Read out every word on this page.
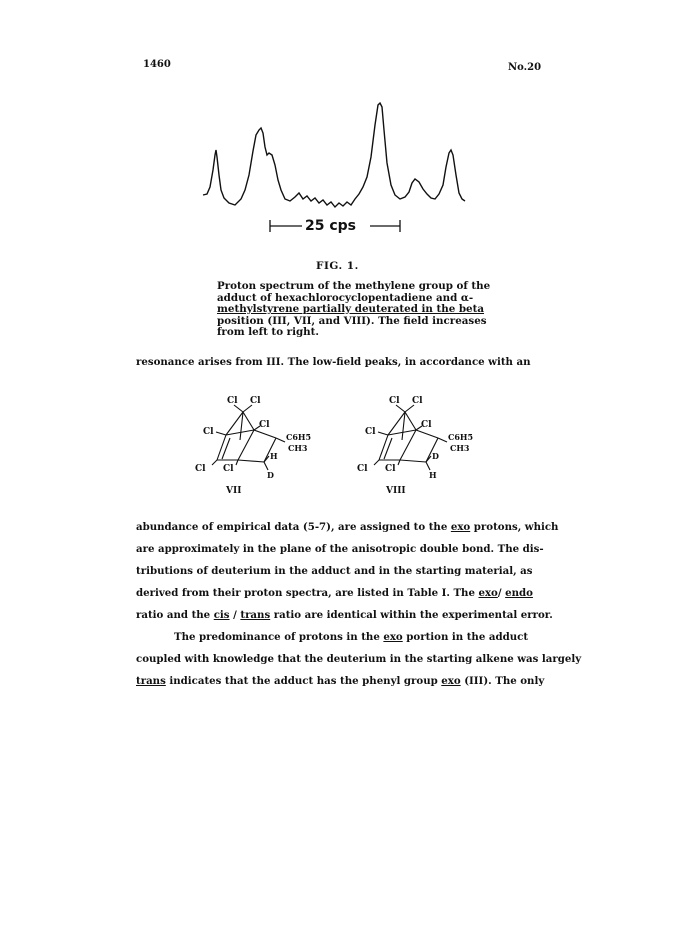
1460	No.20
25 cps
FIG. 1.
Proton spectrum of the methylene group of the
adduct of hexachlorocyclopentadiene and α-
methylstyrene partially deuterated in the beta
position (III, VII, and VIII). The field increases
from left to right.
resonance arises from III. The low-field peaks, in accordance with an
Cl Cl
Cl
Cl
C6H5
CH3
H
Cl Cl
D
VII
Cl Cl
Cl
Cl
C6H5
CH3
D
Cl Cl
H
VIII
abundance of empirical data (5-7), are assigned to the exo protons, which
are approximately in the plane of the anisotropic double bond. The dis-
tributions of deuterium in the adduct and in the starting material, as
derived from their proton spectra, are listed in Table I. The exo/ endo
ratio and the cis / trans ratio are identical within the experimental error.
The predominance of protons in the exo portion in the adduct
coupled with knowledge that the deuterium in the starting alkene was largely
trans indicates that the adduct has the phenyl group exo (III). The only
